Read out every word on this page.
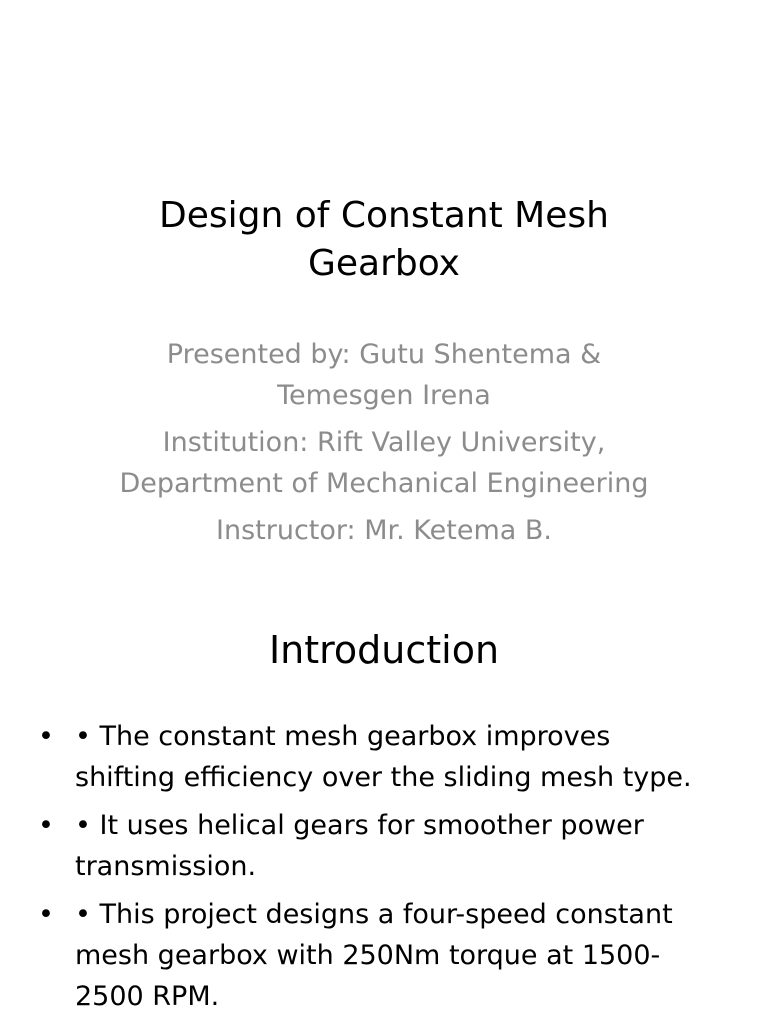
Design of Constant Mesh Gearbox

Presented by: Gutu Shentema & Temesgen Irena

Institution: Rift Valley University, Department of Mechanical Engineering

Instructor: Mr. Ketema B.

Introduction
• • The constant mesh gearbox improves shifting efficiency over the sliding mesh type.
• • It uses helical gears for smoother power transmission.
• • This project designs a four-speed constant mesh gearbox with 250Nm torque at 1500-2500 RPM.
